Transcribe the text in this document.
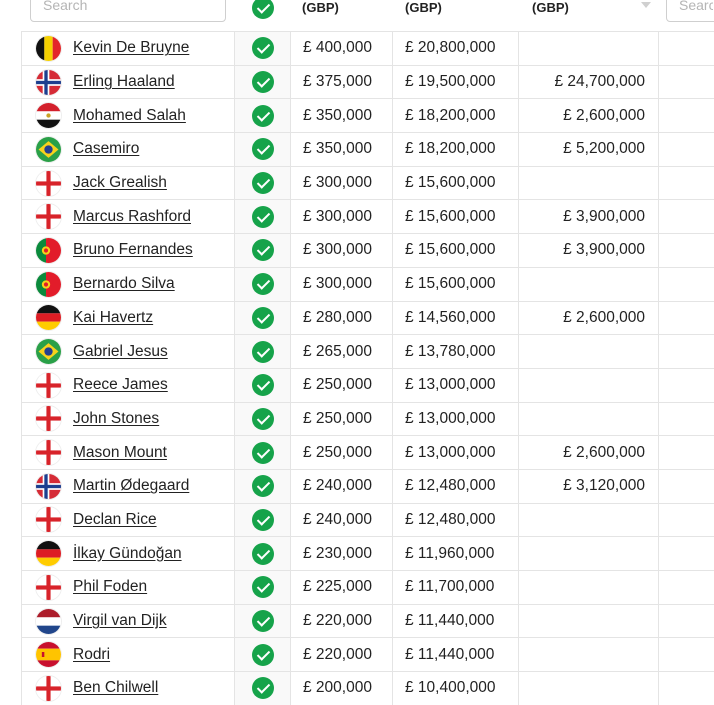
Search
(GBP)	(GBP)	(GBP)
Searc
Kevin De Bruyne		£ 400,000	£ 20,800,000		

Erling Haaland		£ 375,000	£ 19,500,000	£ 24,700,000	

Mohamed Salah		£ 350,000	£ 18,200,000	£ 2,600,000	

Casemiro		£ 350,000	£ 18,200,000	£ 5,200,000	

Jack Grealish		£ 300,000	£ 15,600,000		

Marcus Rashford		£ 300,000	£ 15,600,000	£ 3,900,000	

Bruno Fernandes		£ 300,000	£ 15,600,000	£ 3,900,000	

Bernardo Silva		£ 300,000	£ 15,600,000		

Kai Havertz		£ 280,000	£ 14,560,000	£ 2,600,000	

Gabriel Jesus		£ 265,000	£ 13,780,000		

Reece James		£ 250,000	£ 13,000,000		

John Stones		£ 250,000	£ 13,000,000		

Mason Mount		£ 250,000	£ 13,000,000	£ 2,600,000	

Martin Ødegaard		£ 240,000	£ 12,480,000	£ 3,120,000	

Declan Rice		£ 240,000	£ 12,480,000		

İlkay Gündoğan		£ 230,000	£ 11,960,000		

Phil Foden		£ 225,000	£ 11,700,000		

Virgil van Dijk		£ 220,000	£ 11,440,000		

Rodri		£ 220,000	£ 11,440,000		

Ben Chilwell		£ 200,000	£ 10,400,000		
